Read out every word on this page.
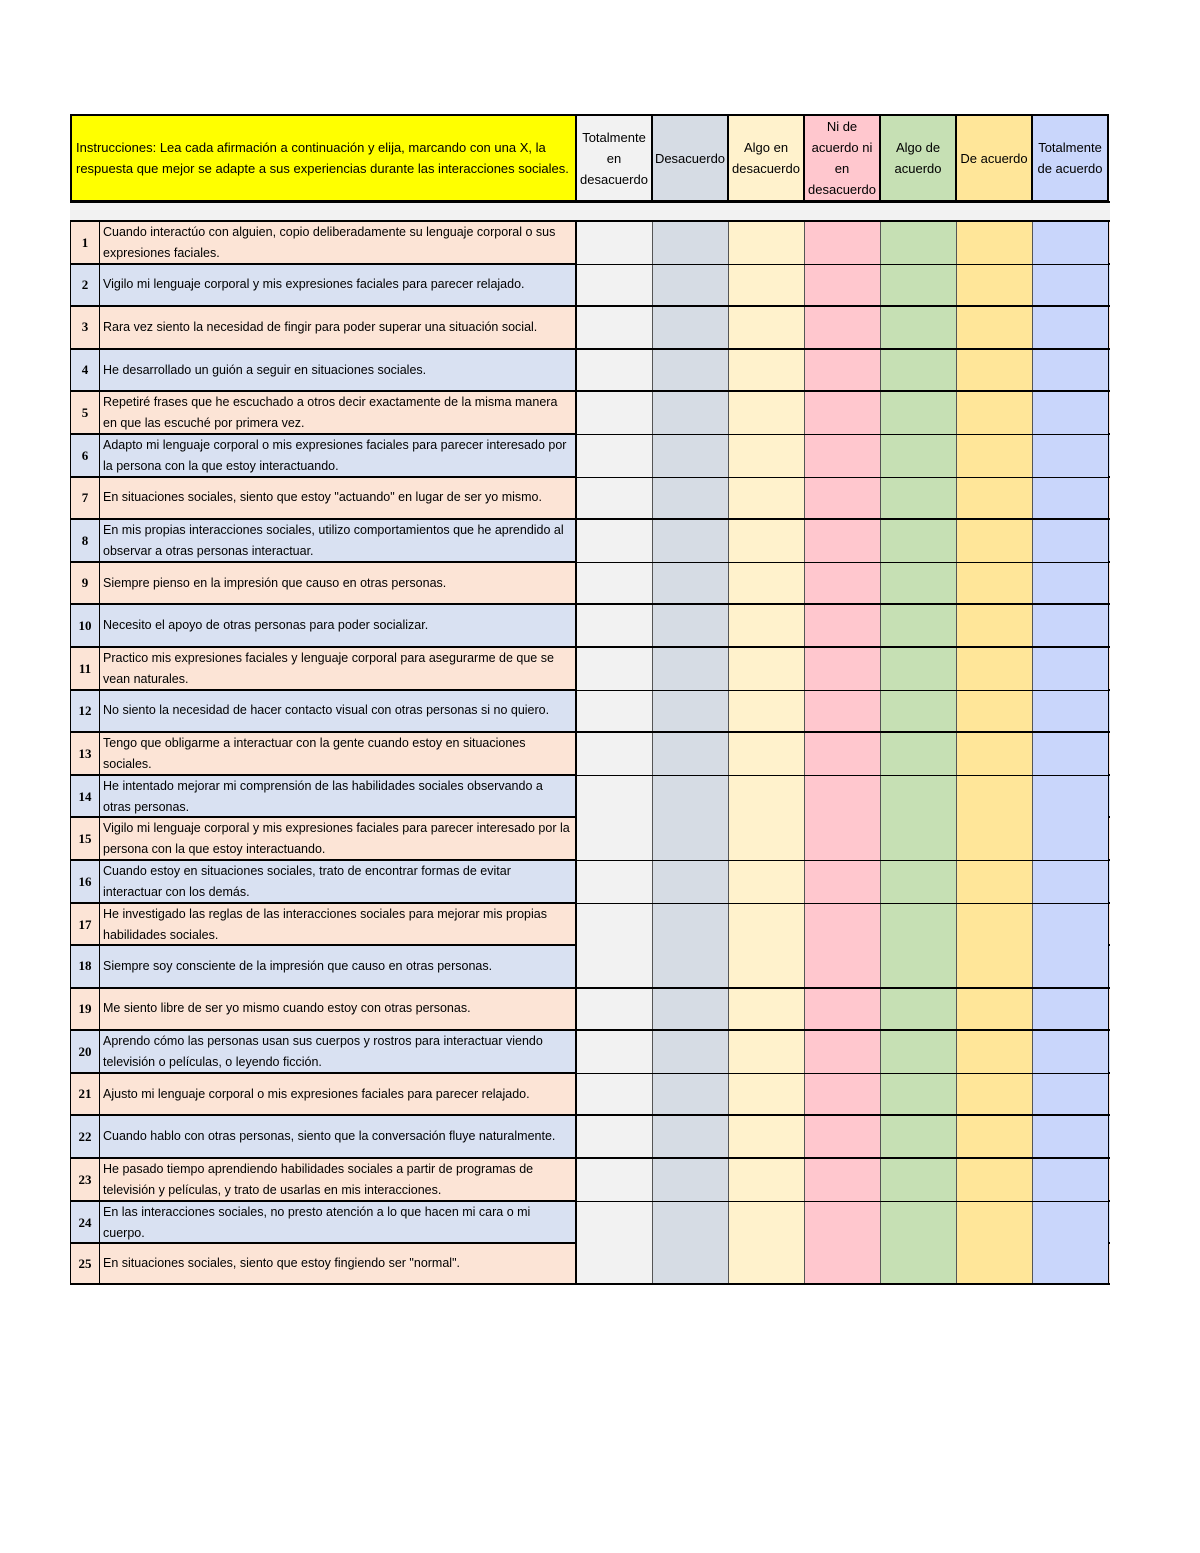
Instrucciones: Lea cada afirmación a continuación y elija, marcando con una X, la respuesta que mejor se adapte a sus experiencias durante las interacciones sociales.
Totalmente en desacuerdo
Desacuerdo
Algo en desacuerdo
Ni de acuerdo ni en desacuerdo
Algo de acuerdo
De acuerdo
Totalmente de acuerdo
1
Cuando interactúo con alguien, copio deliberadamente su lenguaje corporal o sus expresiones faciales.
2	Vigilo mi lenguaje corporal y mis expresiones faciales para parecer relajado.
3	Rara vez siento la necesidad de fingir para poder superar una situación social.
4	He desarrollado un guión a seguir en situaciones sociales.
5
Repetiré frases que he escuchado a otros decir exactamente de la misma manera en que las escuché por primera vez.
6
Adapto mi lenguaje corporal o mis expresiones faciales para parecer interesado por la persona con la que estoy interactuando.
7	En situaciones sociales, siento que estoy "actuando" en lugar de ser yo mismo.
8
En mis propias interacciones sociales, utilizo comportamientos que he aprendido al observar a otras personas interactuar.
9	Siempre pienso en la impresión que causo en otras personas.
10 Necesito el apoyo de otras personas para poder socializar.
11
Practico mis expresiones faciales y lenguaje corporal para asegurarme de que se vean naturales.
12 No siento la necesidad de hacer contacto visual con otras personas si no quiero.
13
Tengo que obligarme a interactuar con la gente cuando estoy en situaciones sociales.
14
He intentado mejorar mi comprensión de las habilidades sociales observando a otras personas.
15
Vigilo mi lenguaje corporal y mis expresiones faciales para parecer interesado por la persona con la que estoy interactuando.
16
Cuando estoy en situaciones sociales, trato de encontrar formas de evitar interactuar con los demás.
17
He investigado las reglas de las interacciones sociales para mejorar mis propias habilidades sociales.
18 Siempre soy consciente de la impresión que causo en otras personas.
19 Me siento libre de ser yo mismo cuando estoy con otras personas.
20
Aprendo cómo las personas usan sus cuerpos y rostros para interactuar viendo televisión o películas, o leyendo ficción.
21 Ajusto mi lenguaje corporal o mis expresiones faciales para parecer relajado.
22 Cuando hablo con otras personas, siento que la conversación fluye naturalmente.
23
He pasado tiempo aprendiendo habilidades sociales a partir de programas de televisión y películas, y trato de usarlas en mis interacciones.
24
En las interacciones sociales, no presto atención a lo que hacen mi cara o mi cuerpo.
25 En situaciones sociales, siento que estoy fingiendo ser "normal".
